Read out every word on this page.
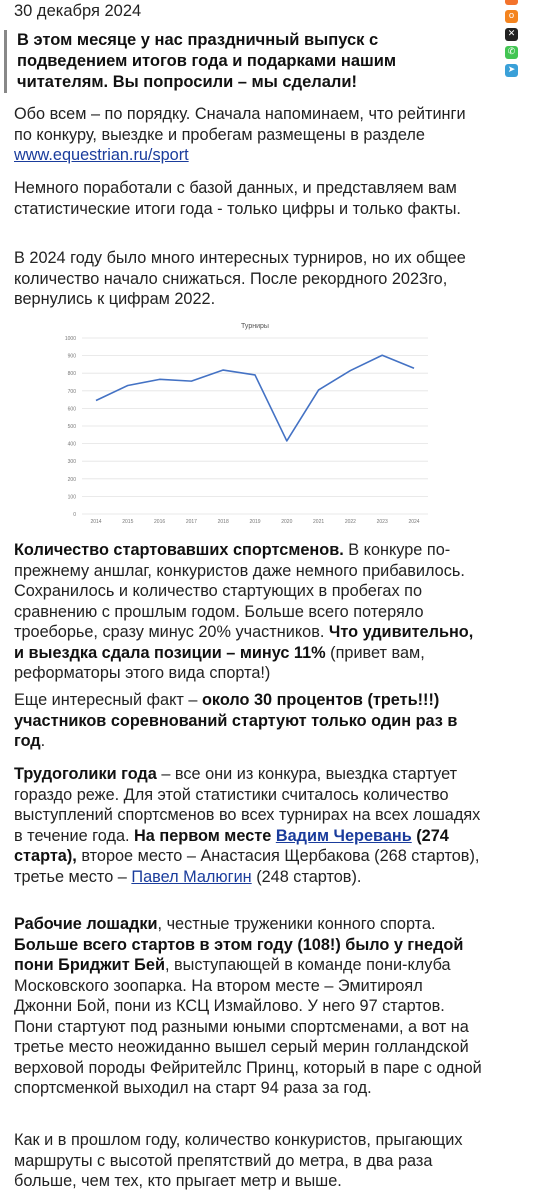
o
✕
✆
➤
30 декабря 2024
В этом месяце у нас праздничный выпуск с подведением итогов года и подарками нашим читателям. Вы попросили – мы сделали!

Обо всем – по порядку. Сначала напоминаем, что рейтинги по конкуру, выездке и пробегам размещены в разделе www.equestrian.ru/sport

Немного поработали с базой данных, и представляем вам статистические итоги года - только цифры и только факты.

В 2024 году было много интересных турниров, но их общее количество начало снижаться. После рекордного 2023го, вернулись к цифрам 2022.

Турниры
0
100
200
300
400
500
600
700
800
900
1000
2014	2015	2016	2017	2018	2019	2020	2021	2022	2023	2024

Количество стартовавших спортсменов. В конкуре по-прежнему аншлаг, конкуристов даже немного прибавилось. Сохранилось и количество стартующих в пробегах по сравнению с прошлым годом. Больше всего потеряло троеборье, сразу минус 20% участников. Что удивительно, и выездка сдала позиции – минус 11% (привет вам, реформаторы этого вида спорта!)

Еще интересный факт – около 30 процентов (треть!!!) участников соревнований стартуют только один раз в год.

Трудоголики года – все они из конкура, выездка стартует гораздо реже. Для этой статистики считалось количество выступлений спортсменов во всех турнирах на всех лошадях в течение года. На первом месте Вадим Черевань (274 старта), второе место – Анастасия Щербакова (268 стартов), третье место – Павел Малюгин (248 стартов).

Рабочие лошадки, честные труженики конного спорта. Больше всего стартов в этом году (108!) было у гнедой пони Бриджит Бей, выступающей в команде пони-клуба Московского зоопарка. На втором месте – Эмитироял Джонни Бой, пони из КСЦ Измайлово. У него 97 стартов. Пони стартуют под разными юными спортсменами, а вот на третье место неожиданно вышел серый мерин голландской верховой породы Фейритейлс Принц, который в паре с одной спортсменкой выходил на старт 94 раза за год.

Как и в прошлом году, количество конкуристов, прыгающих маршруты с высотой препятствий до метра, в два раза больше, чем тех, кто прыгает метр и выше.
